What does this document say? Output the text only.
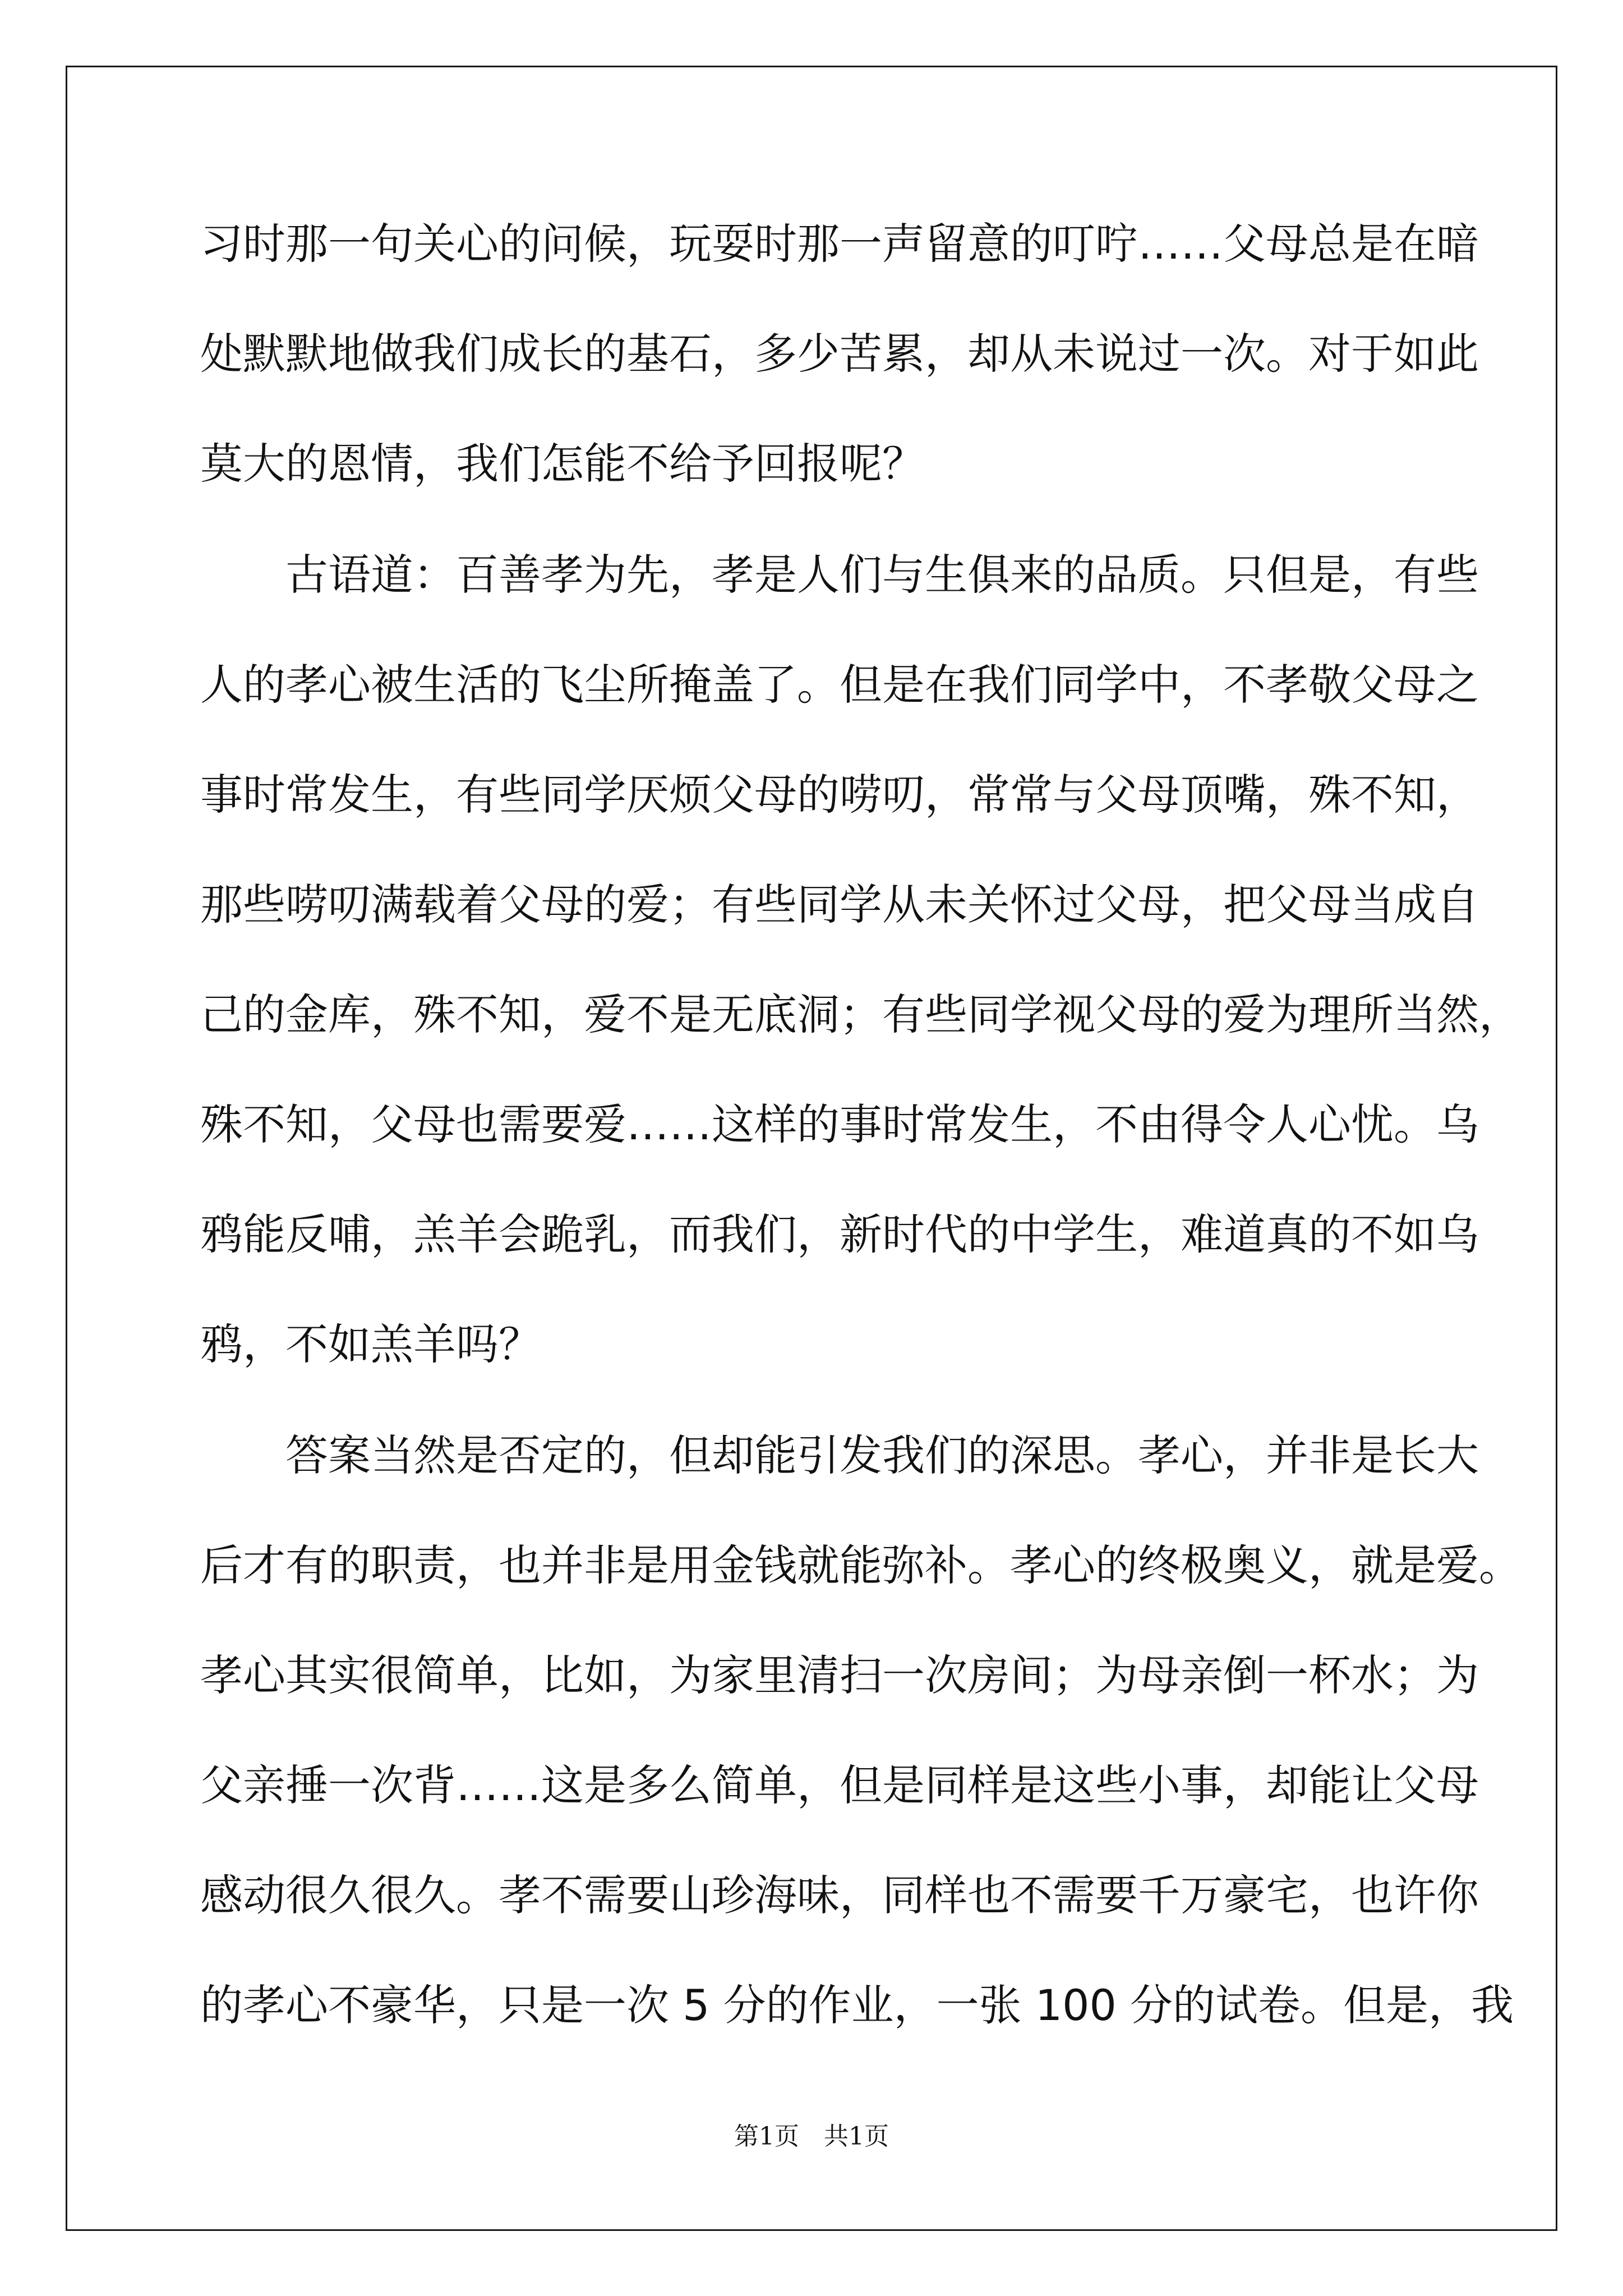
习时那一句关心的问候，玩耍时那一声留意的叮咛……父母总是在暗
处默默地做我们成长的基石，多少苦累，却从未说过一次。对于如此
莫大的恩情，我们怎能不给予回报呢？
　　古语道：百善孝为先，孝是人们与生俱来的品质。只但是，有些
人的孝心被生活的飞尘所掩盖了。但是在我们同学中，不孝敬父母之
事时常发生，有些同学厌烦父母的唠叨，常常与父母顶嘴，殊不知，
那些唠叨满载着父母的爱；有些同学从未关怀过父母，把父母当成自
己的金库，殊不知，爱不是无底洞；有些同学视父母的爱为理所当然，
殊不知，父母也需要爱……这样的事时常发生，不由得令人心忧。乌
鸦能反哺，羔羊会跪乳，而我们，新时代的中学生，难道真的不如乌
鸦，不如羔羊吗？
　　答案当然是否定的，但却能引发我们的深思。孝心，并非是长大
后才有的职责，也并非是用金钱就能弥补。孝心的终极奥义，就是爱。
孝心其实很简单，比如，为家里清扫一次房间；为母亲倒一杯水；为
父亲捶一次背……这是多么简单，但是同样是这些小事，却能让父母
感动很久很久。孝不需要山珍海味，同样也不需要千万豪宅，也许你
的孝心不豪华，只是一次 5 分的作业，一张 100 分的试卷。但是，我
第1页　共1页
